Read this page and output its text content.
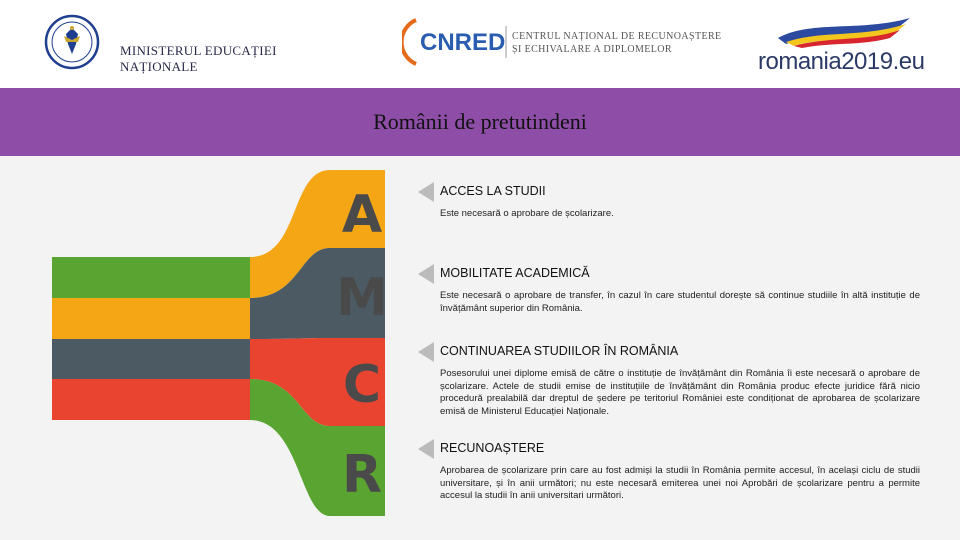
MINISTERUL EDUCAȚIEI NAȚIONALE
CNRED CENTRUL NAȚIONAL DE RECUNOAȘTERE
ȘI ECHIVALARE A DIPLOMELOR	romania2019.eu
Românii de pretutindeni
A
M
C
R
ACCES LA STUDII
Este necesară o aprobare de școlarizare.
MOBILITATE ACADEMICĂ
Este necesară o aprobare de transfer, în cazul în care studentul dorește să continue studiile în altă instituție de învățământ superior din România.
CONTINUAREA STUDIILOR ÎN ROMÂNIA
Posesorului unei diplome emisă de către o instituție de învățământ din România îi este necesară o aprobare de școlarizare. Actele de studii emise de instituțiile de învățământ din România produc efecte juridice fără nicio procedură prealabilă dar dreptul de ședere pe teritoriul României este condiționat de aprobarea de școlarizare emisă de Ministerul Educației Naționale.
RECUNOAȘTERE
Aprobarea de școlarizare prin care au fost admiși la studii în România permite accesul, în același ciclu de studii universitare, și în anii următori; nu este necesară emiterea unei noi Aprobări de școlarizare pentru a permite accesul la studii în anii universitari următori.
